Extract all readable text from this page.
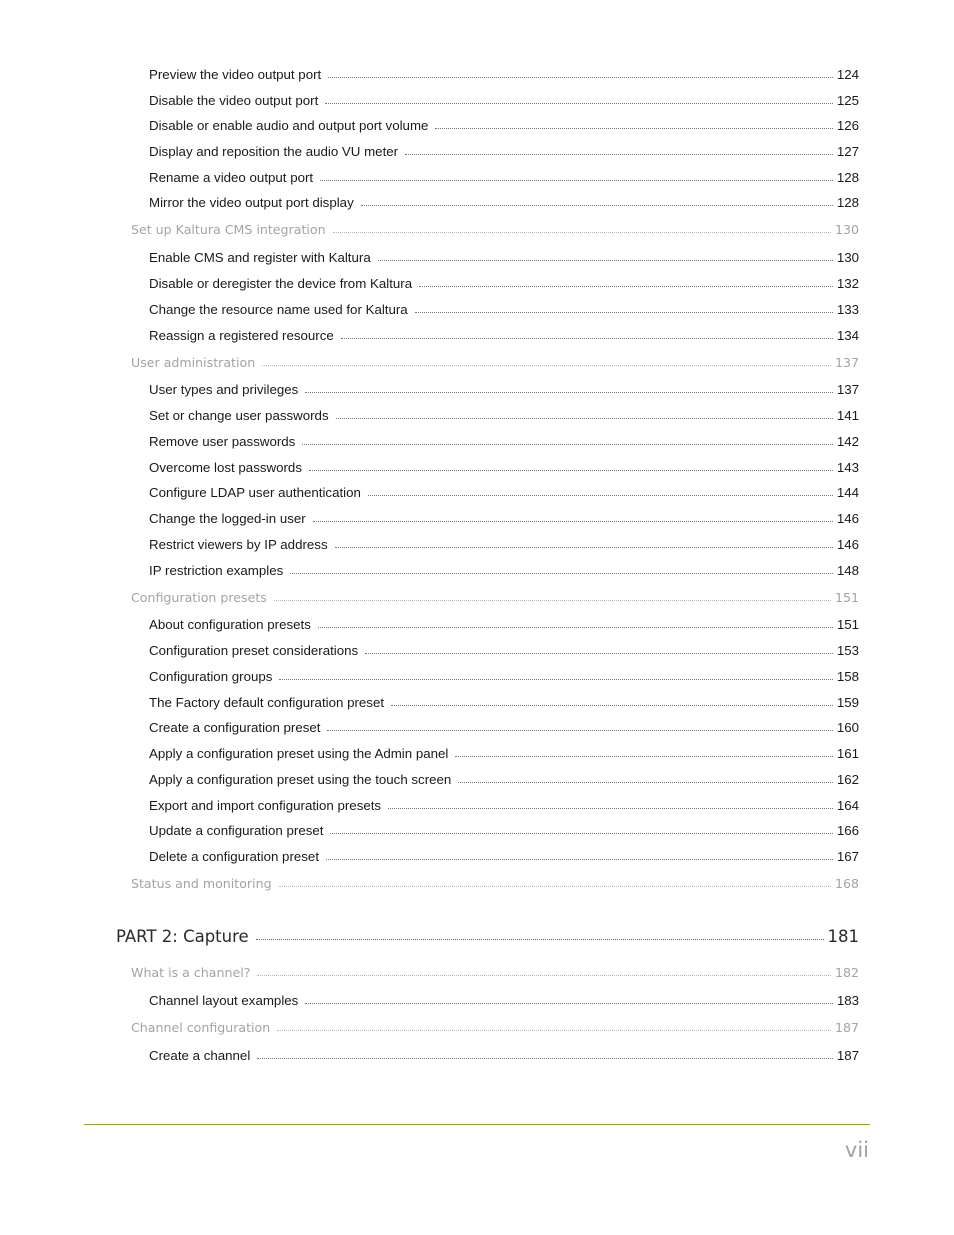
Preview the video output port	124
Disable the video output port	125
Disable or enable audio and output port volume	126
Display and reposition the audio VU meter	127
Rename a video output port	128
Mirror the video output port display	128
Set up Kaltura CMS integration	130
Enable CMS and register with Kaltura	130
Disable or deregister the device from Kaltura	132
Change the resource name used for Kaltura	133
Reassign a registered resource	134
User administration	137
User types and privileges	137
Set or change user passwords	141
Remove user passwords	142
Overcome lost passwords	143
Configure LDAP user authentication	144
Change the logged-in user	146
Restrict viewers by IP address	146
IP restriction examples	148
Configuration presets	151
About configuration presets	151
Configuration preset considerations	153
Configuration groups	158
The Factory default configuration preset	159
Create a configuration preset	160
Apply a configuration preset using the Admin panel	161
Apply a configuration preset using the touch screen	162
Export and import configuration presets	164
Update a configuration preset	166
Delete a configuration preset	167
Status and monitoring	168
PART 2: Capture	181
What is a channel?	182
Channel layout examples	183
Channel configuration	187
Create a channel	187
vii
